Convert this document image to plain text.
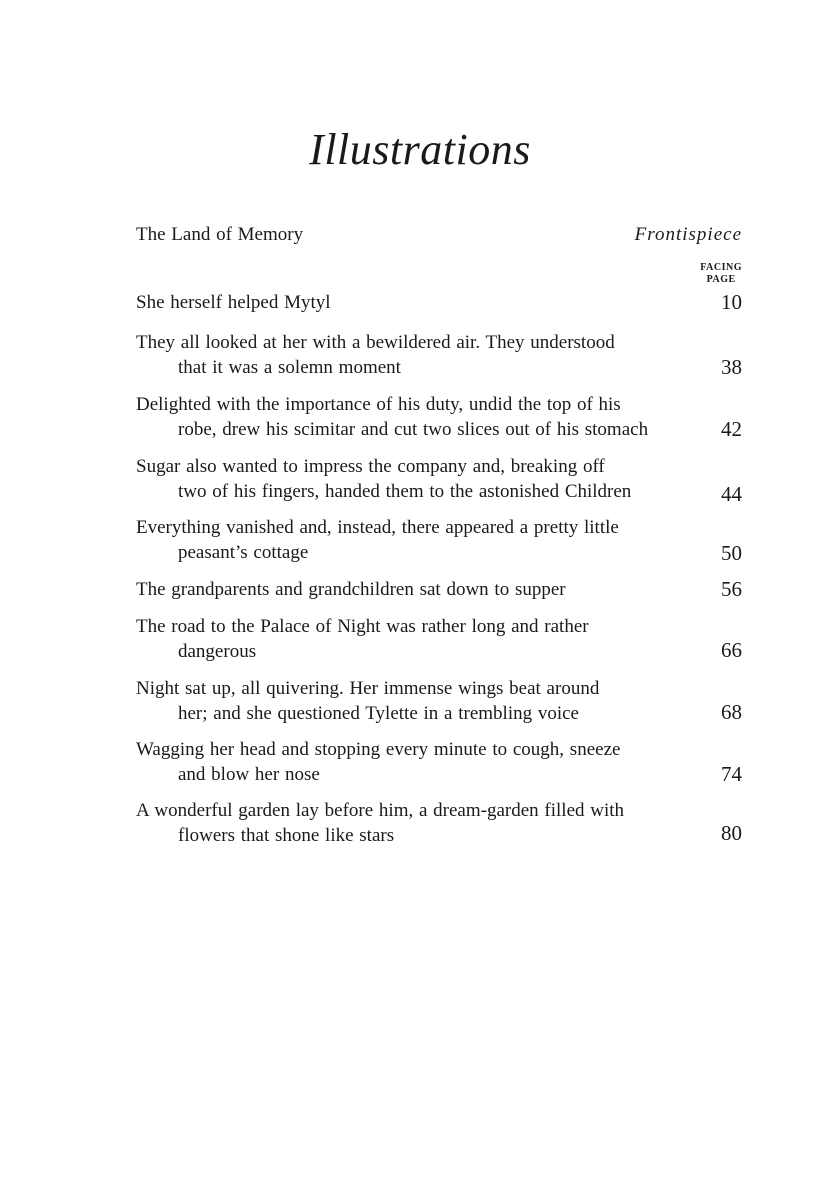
Illustrations
The Land of Memory	Frontispiece
FACING
PAGE
She herself helped Mytyl	10
They all looked at her with a bewildered air. They understood
that it was a solemn moment	38
Delighted with the importance of his duty, undid the top of his
robe, drew his scimitar and cut two slices out of his stomach	42
Sugar also wanted to impress the company and, breaking off
two of his fingers, handed them to the astonished Children	44
Everything vanished and, instead, there appeared a pretty little
peasant’s cottage	50
The grandparents and grandchildren sat down to supper	56
The road to the Palace of Night was rather long and rather
dangerous	66
Night sat up, all quivering. Her immense wings beat around
her; and she questioned Tylette in a trembling voice	68
Wagging her head and stopping every minute to cough, sneeze
and blow her nose	74
A wonderful garden lay before him, a dream-garden filled with
flowers that shone like stars	80
